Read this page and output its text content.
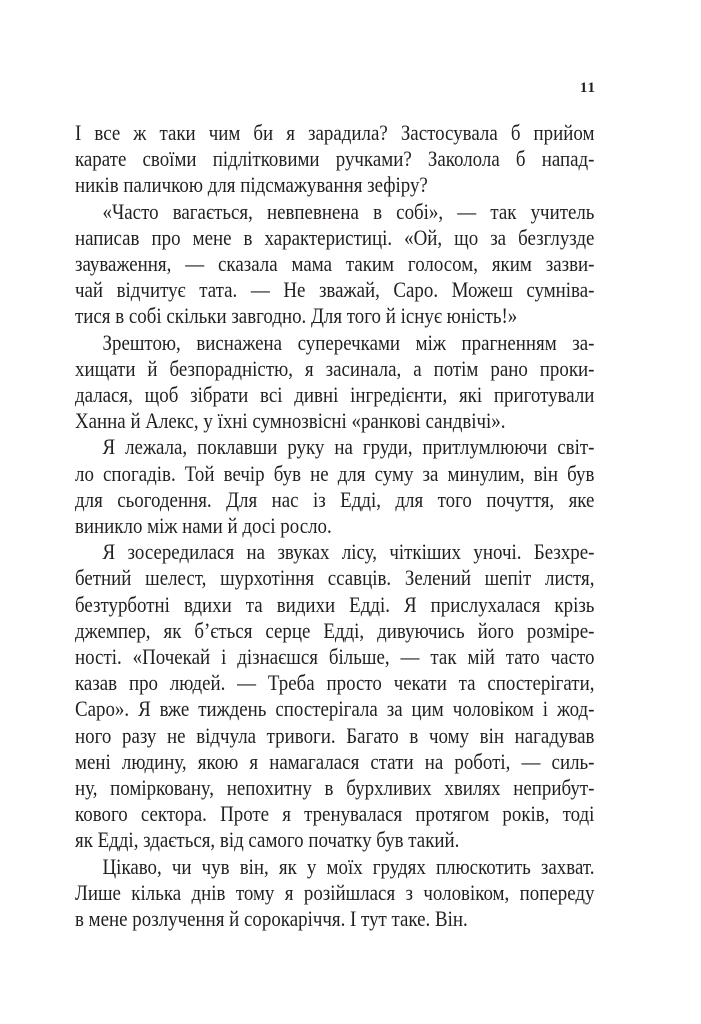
11
І все ж таки чим би я зарадила? Застосувала б прийом
карате своїми підлітковими ручками? Заколола б напад-
ників паличкою для підсмажування зефіру?
«Часто вагається, невпевнена в собі», — так учитель
написав про мене в характеристиці. «Ой, що за безглузде
зауваження, — сказала мама таким голосом, яким зазви-
чай відчитує тата. — Не зважай, Саро. Можеш сумніва-
тися в собі скільки завгодно. Для того й існує юність!»
Зрештою, виснажена суперечками між прагненням за-
хищати й безпорадністю, я засинала, а потім рано проки-
далася, щоб зібрати всі дивні інгредієнти, які приготували
Ханна й Алекс, у їхні сумнозвісні «ранкові сандвічі».
Я лежала, поклавши руку на груди, притлумлюючи світ-
ло спогадів. Той вечір був не для суму за минулим, він був
для сьогодення. Для нас із Едді, для того почуття, яке
виникло між нами й досі росло.
Я зосередилася на звуках лісу, чіткіших уночі. Безхре-
бетний шелест, шурхотіння ссавців. Зелений шепіт листя,
безтурботні вдихи та видихи Едді. Я прислухалася крізь
джемпер, як б’ється серце Едді, дивуючись його розміре-
ності. «Почекай і дізнаєшся більше, — так мій тато часто
казав про людей. — Треба просто чекати та спостерігати,
Саро». Я вже тиждень спостерігала за цим чоловіком і жод-
ного разу не відчула тривоги. Багато в чому він нагадував
мені людину, якою я намагалася стати на роботі, — силь-
ну, поміркованy, непохитну в бурхливих хвилях неприбут-
кового сектора. Проте я тренувалася протягом років, тоді
як Едді, здається, від самого початку був такий.
Цікаво, чи чув він, як у моїх грудях плюскотить захват.
Лише кілька днів тому я розійшлася з чоловіком, попереду
в мене розлучення й сорокаріччя. І тут таке. Він.
